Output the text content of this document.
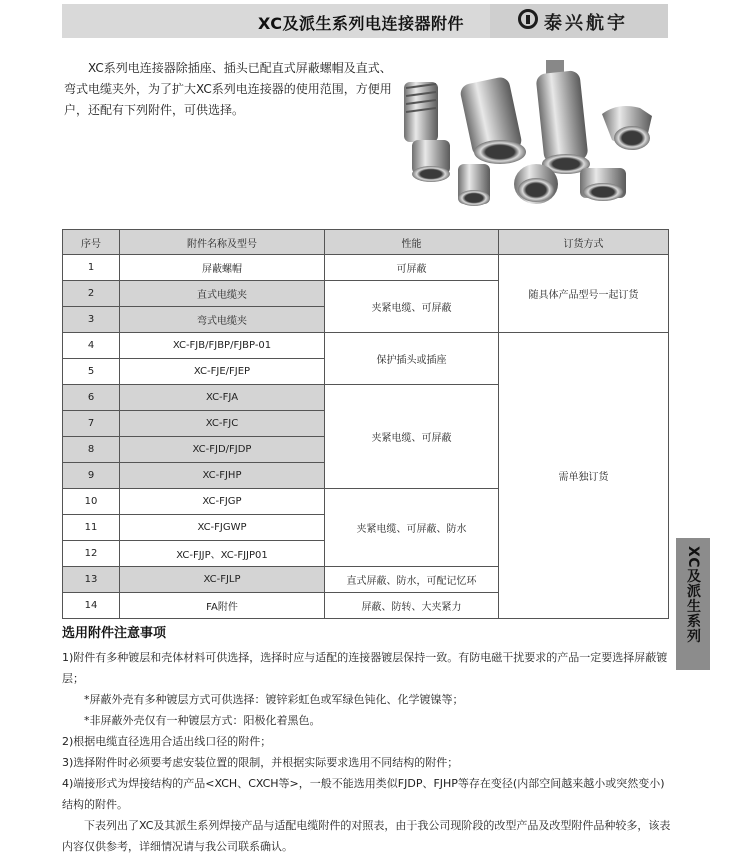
XC及派生系列电连接器附件	泰兴航宇
XC系列电连接器除插座、插头已配直式屏蔽螺帽及直式、弯式电缆夹外，为了扩大XC系列电连接器的使用范围，方便用户，还配有下列附件，可供选择。
序号	附件名称及型号	性能	订货方式
1	屏蔽螺帽	可屏蔽	随具体产品型号一起订货
2	直式电缆夹	夹紧电缆、可屏蔽	
3	弯式电缆夹		
4	XC-FJB/FJBP/FJBP-01	保护插头或插座	需单独订货
5	XC-FJE/FJEP		
6	XC-FJA	夹紧电缆、可屏蔽	
7	XC-FJC		
8	XC-FJD/FJDP		
9	XC-FJHP		
10	XC-FJGP	夹紧电缆、可屏蔽、防水	
11	XC-FJGWP		
12	XC-FJJP、XC-FJJP01		
13	XC-FJLP	直式屏蔽、防水，可配记忆环	
14	FA附件	屏蔽、防转、大夹紧力	
选用附件注意事项

1)附件有多种镀层和壳体材料可供选择，选择时应与适配的连接器镀层保持一致。有防电磁干扰要求的产品一定要选择屏蔽镀层；

*屏蔽外壳有多种镀层方式可供选择：镀锌彩虹色或军绿色钝化、化学镀镍等；

*非屏蔽外壳仅有一种镀层方式：阳极化着黑色。

2)根据电缆直径选用合适出线口径的附件；

3)选择附件时必须要考虑安装位置的限制，并根据实际要求选用不同结构的附件；

4)端接形式为焊接结构的产品<XCH、CXCH等>，一般不能选用类似FJDP、FJHP等存在变径(内部空间越来越小或突然变小)结构的附件。

下表列出了XC及其派生系列焊接产品与适配电缆附件的对照表，由于我公司现阶段的改型产品及改型附件品种较多，该表内容仅供参考，详细情况请与我公司联系确认。

XC及派生系列
